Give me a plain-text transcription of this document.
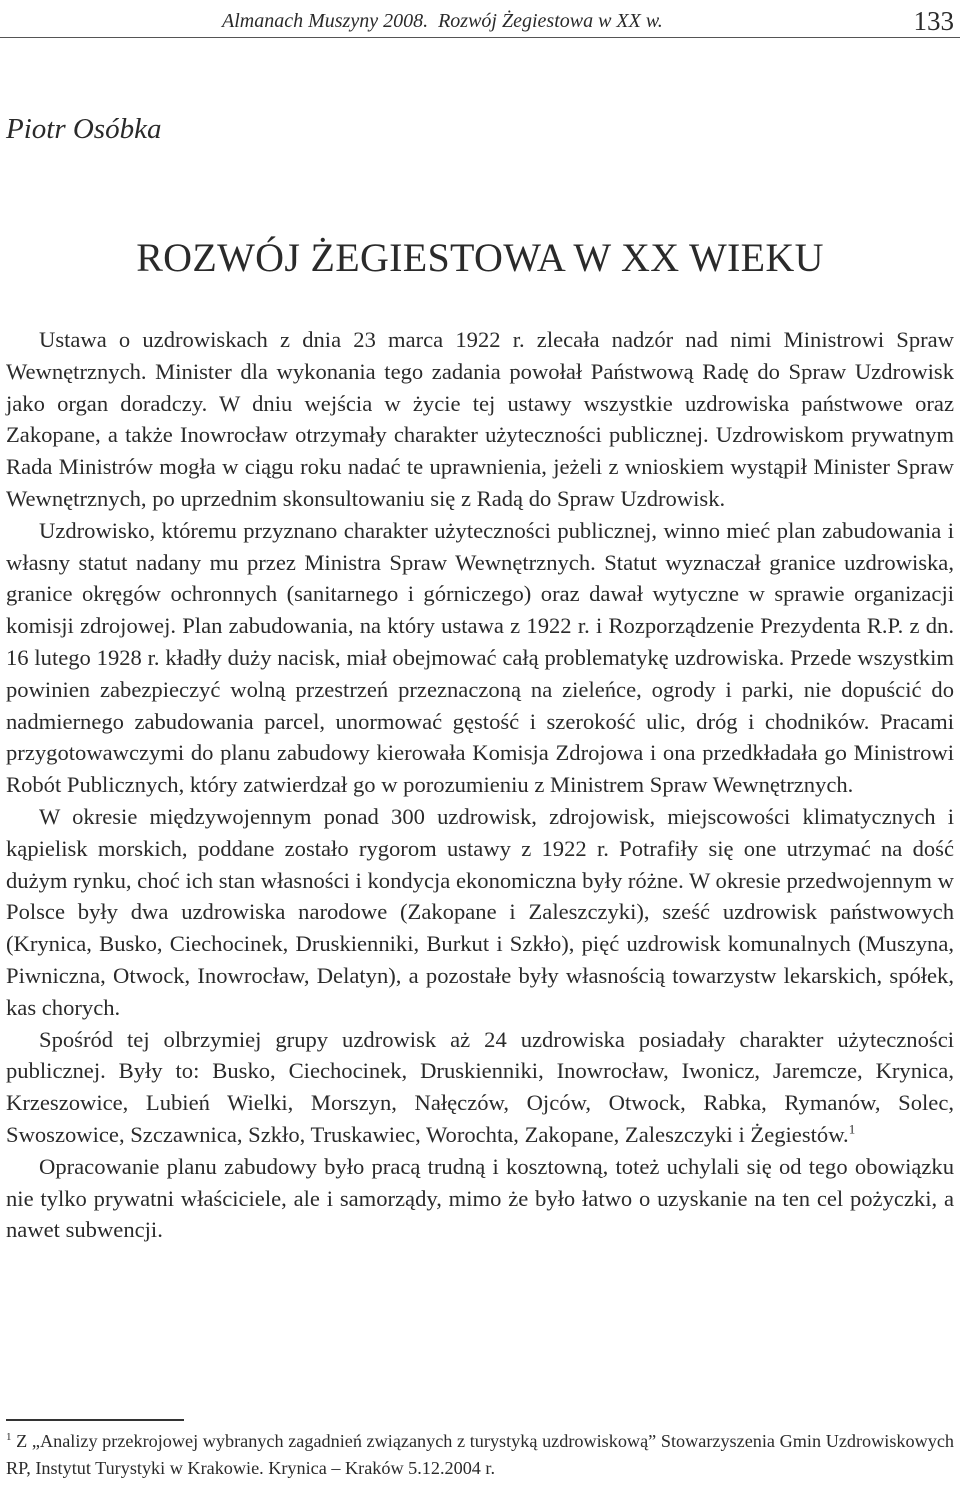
Almanach Muszyny 2008.  Rozwój Żegiestowa w XX w.	133
Piotr Osóbka
ROZWÓJ ŻEGIESTOWA W XX WIEKU

Ustawa o uzdrowiskach z dnia 23 marca 1922 r. zlecała nadzór nad nimi Ministrowi Spraw Wewnętrznych. Minister dla wykonania tego zadania powołał Państwową Radę do Spraw Uzdrowisk jako organ doradczy. W dniu wejścia w życie tej ustawy wszystkie uzdrowiska państwowe oraz Zakopane, a także Inowrocław otrzymały charakter użyteczności publicznej. Uzdrowiskom prywatnym Rada Ministrów mogła w ciągu roku nadać te uprawnienia, jeżeli z wnioskiem wystąpił Minister Spraw Wewnętrznych, po uprzednim skonsultowaniu się z Radą do Spraw Uzdrowisk.

Uzdrowisko, któremu przyznano charakter użyteczności publicznej, winno mieć plan zabudowania i własny statut nadany mu przez Ministra Spraw Wewnętrznych. Statut wyznaczał granice uzdrowiska, granice okręgów ochronnych (sanitarnego i górniczego) oraz dawał wytyczne w sprawie organizacji komisji zdrojowej. Plan zabudowania, na który ustawa z 1922 r. i Rozporządzenie Prezydenta R.P. z dn. 16 lutego 1928 r. kładły duży nacisk, miał obejmować całą problematykę uzdrowiska. Przede wszystkim powinien zabezpieczyć wolną przestrzeń przeznaczoną na zieleńce, ogrody i parki, nie dopuścić do nadmiernego zabudowania parcel, unormować gęstość i szerokość ulic, dróg i chodników. Pracami przygotowawczymi do planu zabudowy kierowała Komisja Zdrojowa i ona przedkładała go Ministrowi Robót Publicznych, który zatwierdzał go w porozumieniu z Ministrem Spraw Wewnętrznych.

W okresie międzywojennym ponad 300 uzdrowisk, zdrojowisk, miejscowości klimatycznych i kąpielisk morskich, poddane zostało rygorom ustawy z 1922 r. Potrafiły się one utrzymać na dość dużym rynku, choć ich stan własności i kondycja ekonomiczna były różne. W okresie przedwojennym w Polsce były dwa uzdrowiska narodowe (Zakopane i Zaleszczyki), sześć uzdrowisk państwowych (Krynica, Busko, Ciechocinek, Druskienniki, Burkut i Szkło), pięć uzdrowisk komunalnych (Muszyna, Piwniczna, Otwock, Inowrocław, Delatyn), a pozostałe były własnością towarzystw lekarskich, spółek, kas chorych.

Spośród tej olbrzymiej grupy uzdrowisk aż 24 uzdrowiska posiadały charakter użyteczności publicznej. Były to: Busko, Ciechocinek, Druskienniki, Inowrocław, Iwonicz, Jaremcze, Krynica, Krzeszowice, Lubień Wielki, Morszyn, Nałęczów, Ojców, Otwock, Rabka, Rymanów, Solec, Swoszowice, Szczawnica, Szkło, Truskawiec, Worochta, Zakopane, Zaleszczyki i Żegiestów.$^1$

Opracowanie planu zabudowy było pracą trudną i kosztowną, toteż uchylali się od tego obowiązku nie tylko prywatni właściciele, ale i samorządy, mimo że było łatwo o uzyskanie na ten cel pożyczki, a nawet subwencji.

$^1$ Z „Analizy przekrojowej wybranych zagadnień związanych z turystyką uzdrowiskową” Stowarzyszenia Gmin Uzdrowiskowych RP, Instytut Turystyki w Krakowie. Krynica – Kraków 5.12.2004 r.
